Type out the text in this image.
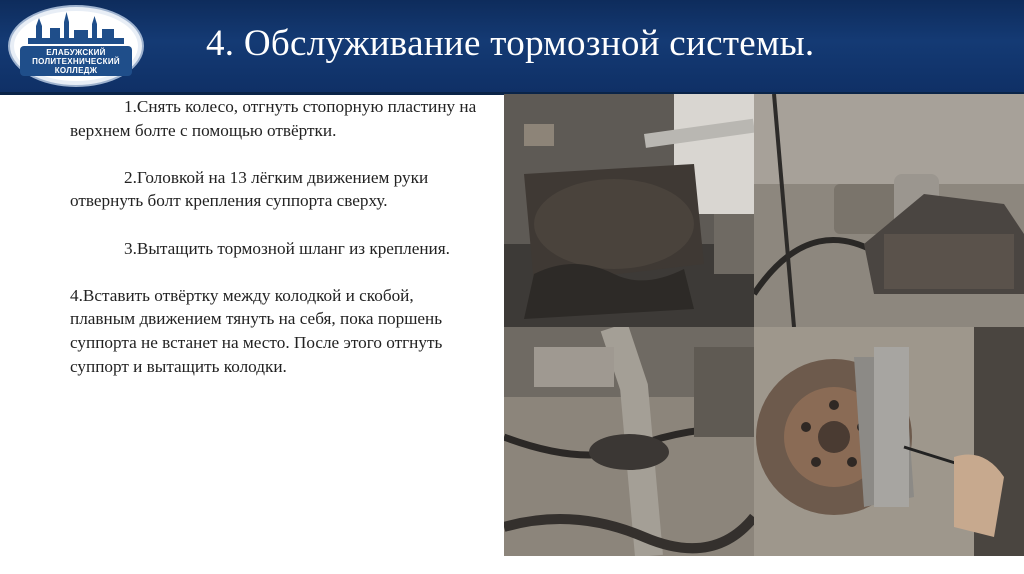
ЕЛАБУЖСКИЙ ПОЛИТЕХНИЧЕСКИЙ КОЛЛЕДЖ
4. Обслуживание тормозной системы.

1.Снять колесо, отгнуть стопорную пластину на верхнем болте с помощью отвёртки.

2.Головкой на 13 лёгким движением руки отвернуть болт крепления суппорта сверху.

3.Вытащить тормозной шланг из крепления.

4.Вставить отвёртку между колодкой и скобой, плавным движением тянуть на себя, пока поршень суппорта не встанет на место. После этого отгнуть суппорт и вытащить колодки.
